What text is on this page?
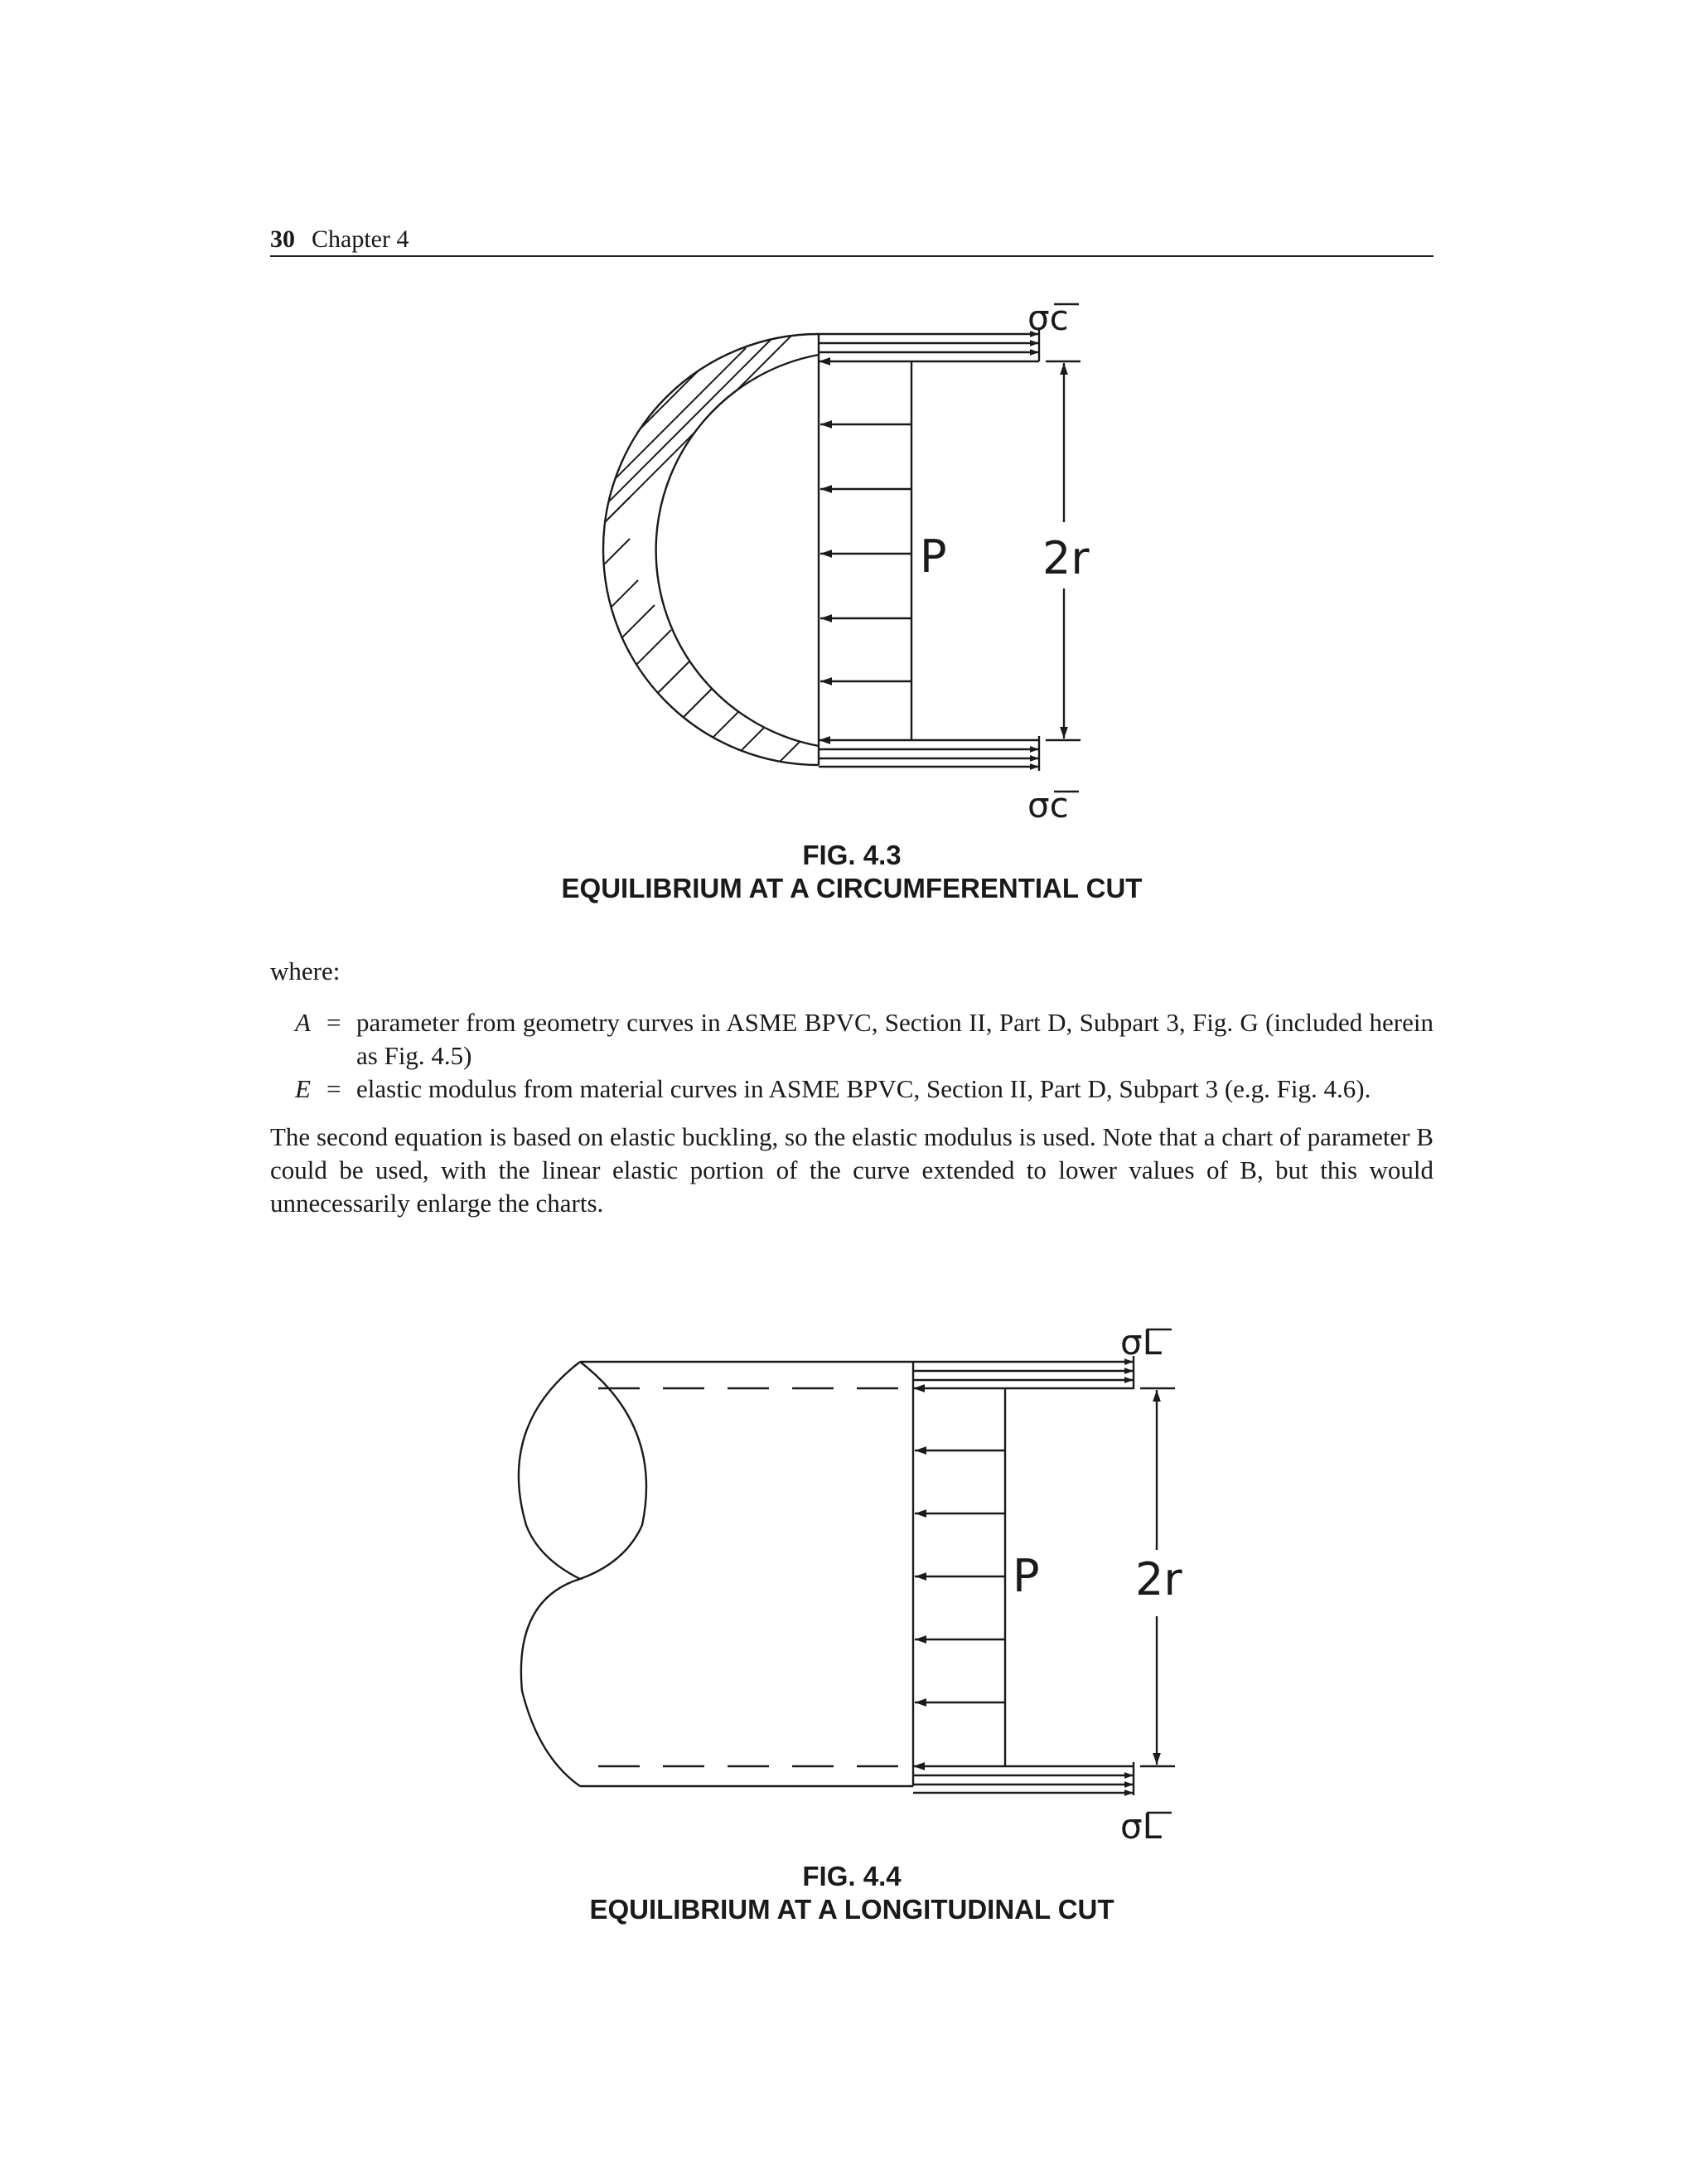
30 Chapter 4
σc
σc
P 2r
FIG. 4.3
EQUILIBRIUM AT A CIRCUMFERENTIAL CUT
where:
A = parameter from geometry curves in ASME BPVC, Section II, Part D, Subpart 3, Fig. G (included herein as Fig. 4.5)
E = elastic modulus from material curves in ASME BPVC, Section II, Part D, Subpart 3 (e.g. Fig. 4.6).
The second equation is based on elastic buckling, so the elastic modulus is used. Note that a chart of parameter B could be used, with the linear elastic portion of the curve extended to lower values of B, but this would unnecessarily enlarge the charts.
σL
σL
P 2r
FIG. 4.4
EQUILIBRIUM AT A LONGITUDINAL CUT
